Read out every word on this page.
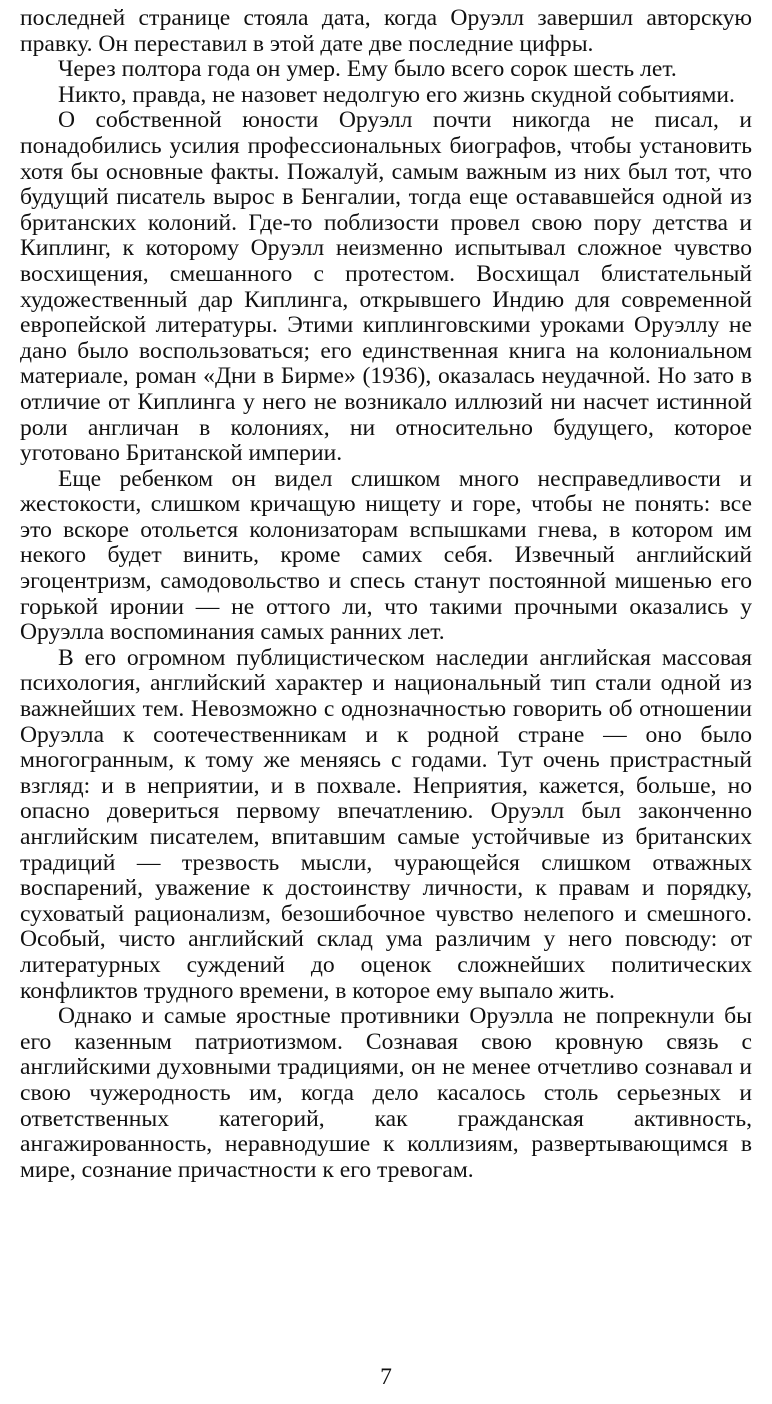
последней странице стояла дата, когда Оруэлл завершил авторскую правку. Он переставил в этой дате две последние цифры.

Через полтора года он умер. Ему было всего сорок шесть лет.

Никто, правда, не назовет недолгую его жизнь скудной событиями.

О собственной юности Оруэлл почти никогда не писал, и понадобились усилия профессиональных биографов, чтобы установить хотя бы основные факты. Пожалуй, самым важным из них был тот, что будущий писатель вырос в Бенгалии, тогда еще остававшейся одной из британских колоний. Где-то поблизости провел свою пору детства и Киплинг, к которому Оруэлл неизменно испытывал сложное чувство восхищения, смешанного с протестом. Восхищал блистательный художественный дар Киплинга, открывшего Индию для современной европейской литературы. Этими киплинговскими уроками Оруэллу не дано было воспользоваться; его единственная книга на колониальном материале, роман «Дни в Бирме» (1936), оказалась неудачной. Но зато в отличие от Киплинга у него не возникало иллюзий ни насчет истинной роли англичан в колониях, ни относительно будущего, которое уготовано Британской империи.

Еще ребенком он видел слишком много несправедливости и жестокости, слишком кричащую нищету и горе, чтобы не понять: все это вскоре отольется колонизаторам вспышками гнева, в котором им некого будет винить, кроме самих себя. Извечный английский эгоцентризм, самодовольство и спесь станут постоянной мишенью его горькой иронии — не оттого ли, что такими прочными оказались у Оруэлла воспоминания самых ранних лет.

В его огромном публицистическом наследии английская массовая психология, английский характер и национальный тип стали одной из важнейших тем. Невозможно с однозначностью говорить об отношении Оруэлла к соотечественникам и к родной стране — оно было многогранным, к тому же меняясь с годами. Тут очень пристрастный взгляд: и в неприятии, и в похвале. Неприятия, кажется, больше, но опасно довериться первому впечатлению. Оруэлл был законченно английским писателем, впитавшим самые устойчивые из британских традиций — трезвость мысли, чурающейся слишком отважных воспарений, уважение к достоинству личности, к правам и порядку, суховатый рационализм, безошибочное чувство нелепого и смешного. Особый, чисто английский склад ума различим у него повсюду: от литературных суждений до оценок сложнейших политических конфликтов трудного времени, в которое ему выпало жить.

Однако и самые яростные противники Оруэлла не попрекнули бы его казенным патриотизмом. Сознавая свою кровную связь с английскими духовными традициями, он не менее отчетливо сознавал и свою чужеродность им, когда дело касалось столь серьезных и ответственных категорий, как гражданская активность, ангажированность, неравнодушие к коллизиям, развертывающимся в мире, сознание причастности к его тревогам.

7
